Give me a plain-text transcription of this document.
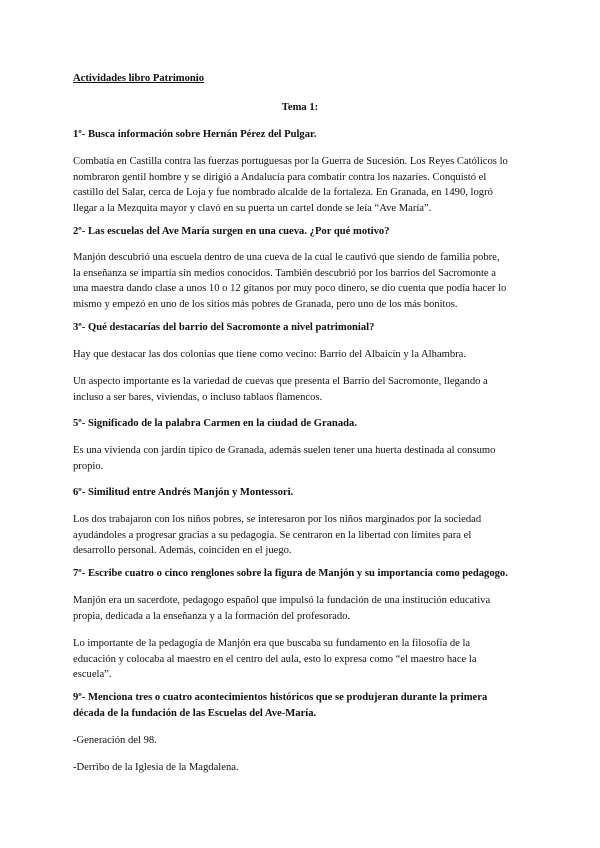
Actividades libro Patrimonio

Tema 1:

1º- Busca información sobre Hernán Pérez del Pulgar.

Combatía en Castilla contra las fuerzas portuguesas por la Guerra de Sucesión. Los Reyes Católicos lo
nombraron gentil hombre y se dirigió a Andalucía para combatir contra los nazaríes. Conquistó el
castillo del Salar, cerca de Loja y fue nombrado alcalde de la fortaleza. En Granada, en 1490, logró
llegar a la Mezquita mayor y clavó en su puerta un cartel donde se leía “Ave María”.

2º- Las escuelas del Ave María surgen en una cueva. ¿Por qué motivo?

Manjón descubrió una escuela dentro de una cueva de la cual le cautivó que siendo de familia pobre,
la enseñanza se impartía sin medios conocidos. También descubrió por los barrios del Sacromonte a
una maestra dando clase a unos 10 o 12 gitanos por muy poco dinero, se dio cuenta que podía hacer lo
mismo y empezó en uno de los sitios más pobres de Granada, pero uno de los más bonitos.

3º- Qué destacarías del barrio del Sacromonte a nivel patrimonial?

Hay que destacar las dos colonias que tiene como vecino: Barrio del Albaicín y la Alhambra.

Un aspecto importante es la variedad de cuevas que presenta el Barrio del Sacromonte, llegando a
incluso a ser bares, viviendas, o incluso tablaos flamencos.

5º- Significado de la palabra Carmen en la ciudad de Granada.

Es una vivienda con jardín típico de Granada, además suelen tener una huerta destinada al consumo
propio.

6º- Similitud entre Andrés Manjón y Montessori.

Los dos trabajaron con los niños pobres, se interesaron por los niños marginados por la sociedad
ayudándoles a progresar gracias a su pedagogía. Se centraron en la libertad con límites para el
desarrollo personal. Además, coinciden en el juego.

7º- Escribe cuatro o cinco renglones sobre la figura de Manjón y su importancia como pedagogo.

Manjón era un sacerdote, pedagogo español que impulsó la fundación de una institución educativa
propia, dedicada a la enseñanza y a la formación del profesorado.

Lo importante de la pedagogía de Manjón era que buscaba su fundamento en la filosofía de la
educación y colocaba al maestro en el centro del aula, esto lo expresa como “el maestro hace la
escuela”.

9º- Menciona tres o cuatro acontecimientos históricos que se produjeran durante la primera
década de la fundación de las Escuelas del Ave-María.

-Generación del 98.

-Derribo de la Iglesia de la Magdalena.
